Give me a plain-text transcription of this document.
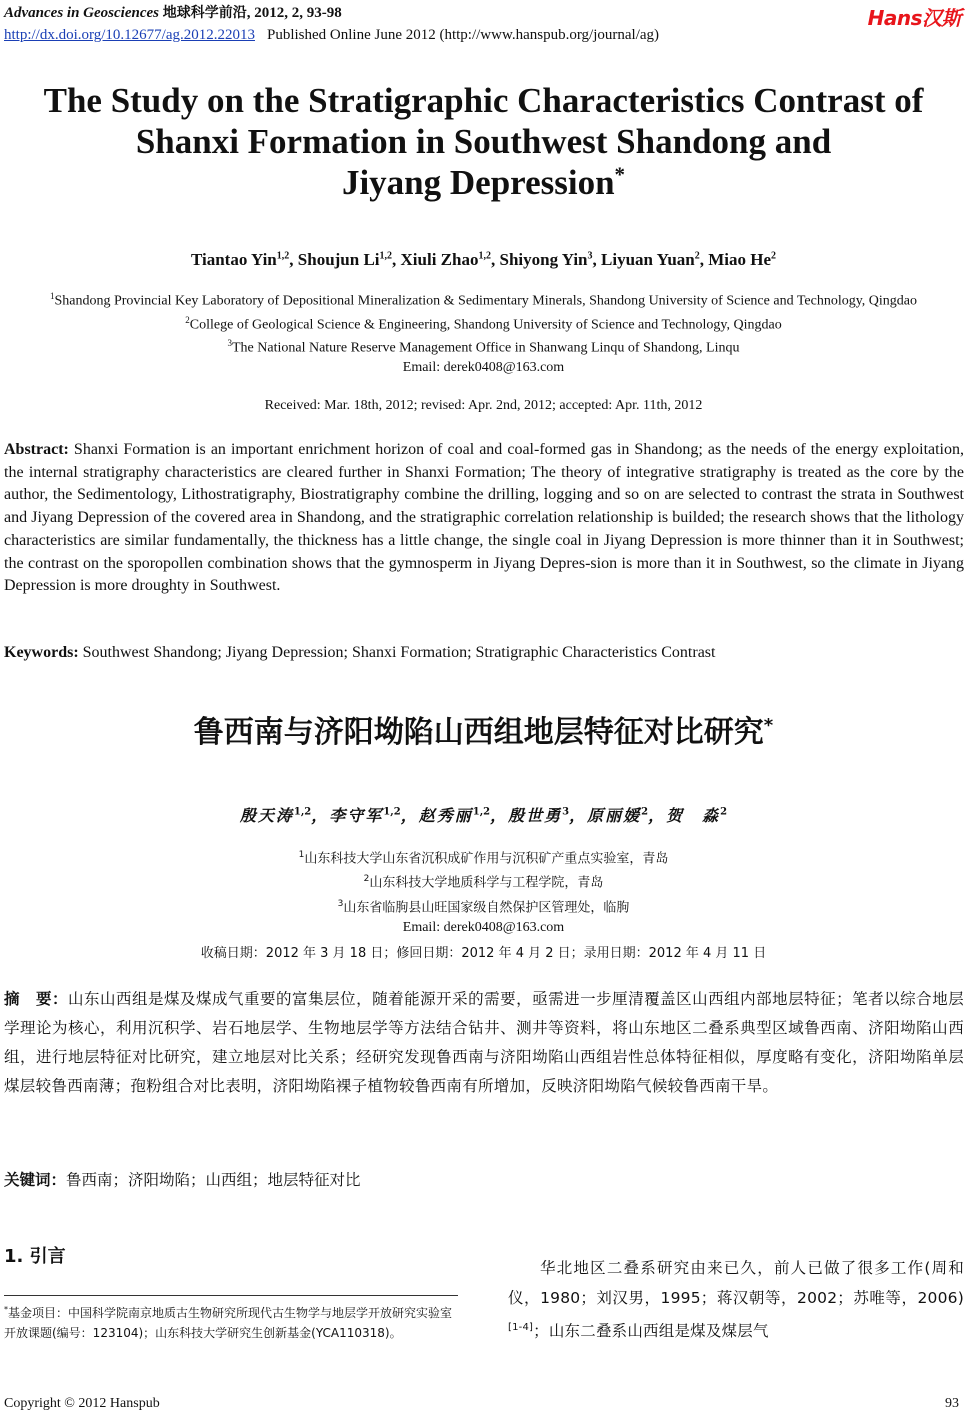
Advances in Geosciences 地球科学前沿, 2012, 2, 93-98
http://dx.doi.org/10.12677/ag.2012.22013 Published Online June 2012 (http://www.hanspub.org/journal/ag)
Hans汉斯
The Study on the Stratigraphic Characteristics Contrast of
Shanxi Formation in Southwest Shandong and
Jiyang Depression*
Tiantao Yin$^{1,2}$, Shoujun Li$^{1,2}$, Xiuli Zhao$^{1,2}$, Shiyong Yin$^3$, Liyuan Yuan$^2$, Miao He$^2$
$^1$Shandong Provincial Key Laboratory of Depositional Mineralization & Sedimentary Minerals, Shandong University of Science and Technology, Qingdao
$^2$College of Geological Science & Engineering, Shandong University of Science and Technology, Qingdao
$^3$The National Nature Reserve Management Office in Shanwang Linqu of Shandong, Linqu
Email: derek0408@163.com
Received: Mar. 18th, 2012; revised: Apr. 2nd, 2012; accepted: Apr. 11th, 2012
Abstract: Shanxi Formation is an important enrichment horizon of coal and coal-formed gas in Shandong; as the needs of the energy exploitation, the internal stratigraphy characteristics are cleared further in Shanxi Formation; The theory of integrative stratigraphy is treated as the core by the author, the Sedimentology, Lithostratigraphy, Biostratigraphy combine the drilling, logging and so on are selected to contrast the strata in Southwest and Jiyang Depression of the covered area in Shandong, and the stratigraphic correlation relationship is builded; the research shows that the lithology characteristics are similar fundamentally, the thickness has a little change, the single coal in Jiyang Depression is more thinner than it in Southwest; the contrast on the sporopollen combination shows that the gymnosperm in Jiyang Depres-sion is more than it in Southwest, so the climate in Jiyang Depression is more droughty in Southwest.
Keywords: Southwest Shandong; Jiyang Depression; Shanxi Formation; Stratigraphic Characteristics Contrast
鲁西南与济阳坳陷山西组地层特征对比研究*
殷天涛$^{1,2}$，李守军$^{1,2}$，赵秀丽$^{1,2}$，殷世勇$^3$，原丽媛$^2$，贺　淼$^2$
$^1$山东科技大学山东省沉积成矿作用与沉积矿产重点实验室，青岛
$^2$山东科技大学地质科学与工程学院，青岛
$^3$山东省临朐县山旺国家级自然保护区管理处，临朐
Email: derek0408@163.com
收稿日期：2012 年 3 月 18 日；修回日期：2012 年 4 月 2 日；录用日期：2012 年 4 月 11 日
摘　要：山东山西组是煤及煤成气重要的富集层位，随着能源开采的需要，亟需进一步厘清覆盖区山西组内部地层特征；笔者以综合地层学理论为核心，利用沉积学、岩石地层学、生物地层学等方法结合钻井、测井等资料，将山东地区二叠系典型区域鲁西南、济阳坳陷山西组，进行地层特征对比研究，建立地层对比关系；经研究发现鲁西南与济阳坳陷山西组岩性总体特征相似，厚度略有变化，济阳坳陷单层煤层较鲁西南薄；孢粉组合对比表明，济阳坳陷裸子植物较鲁西南有所增加，反映济阳坳陷气候较鲁西南干旱。
关键词：鲁西南；济阳坳陷；山西组；地层特征对比
1. 引言
*基金项目：中国科学院南京地质古生物研究所现代古生物学与地层学开放研究实验室开放课题(编号：123104)；山东科技大学研究生创新基金(YCA110318)。
华北地区二叠系研究由来已久，前人已做了很多工作(周和仪，1980；刘汉男，1995；蒋汉朝等，2002；苏唯等，2006)[1-4]；山东二叠系山西组是煤及煤层气
Copyright © 2012 Hanspub	93
